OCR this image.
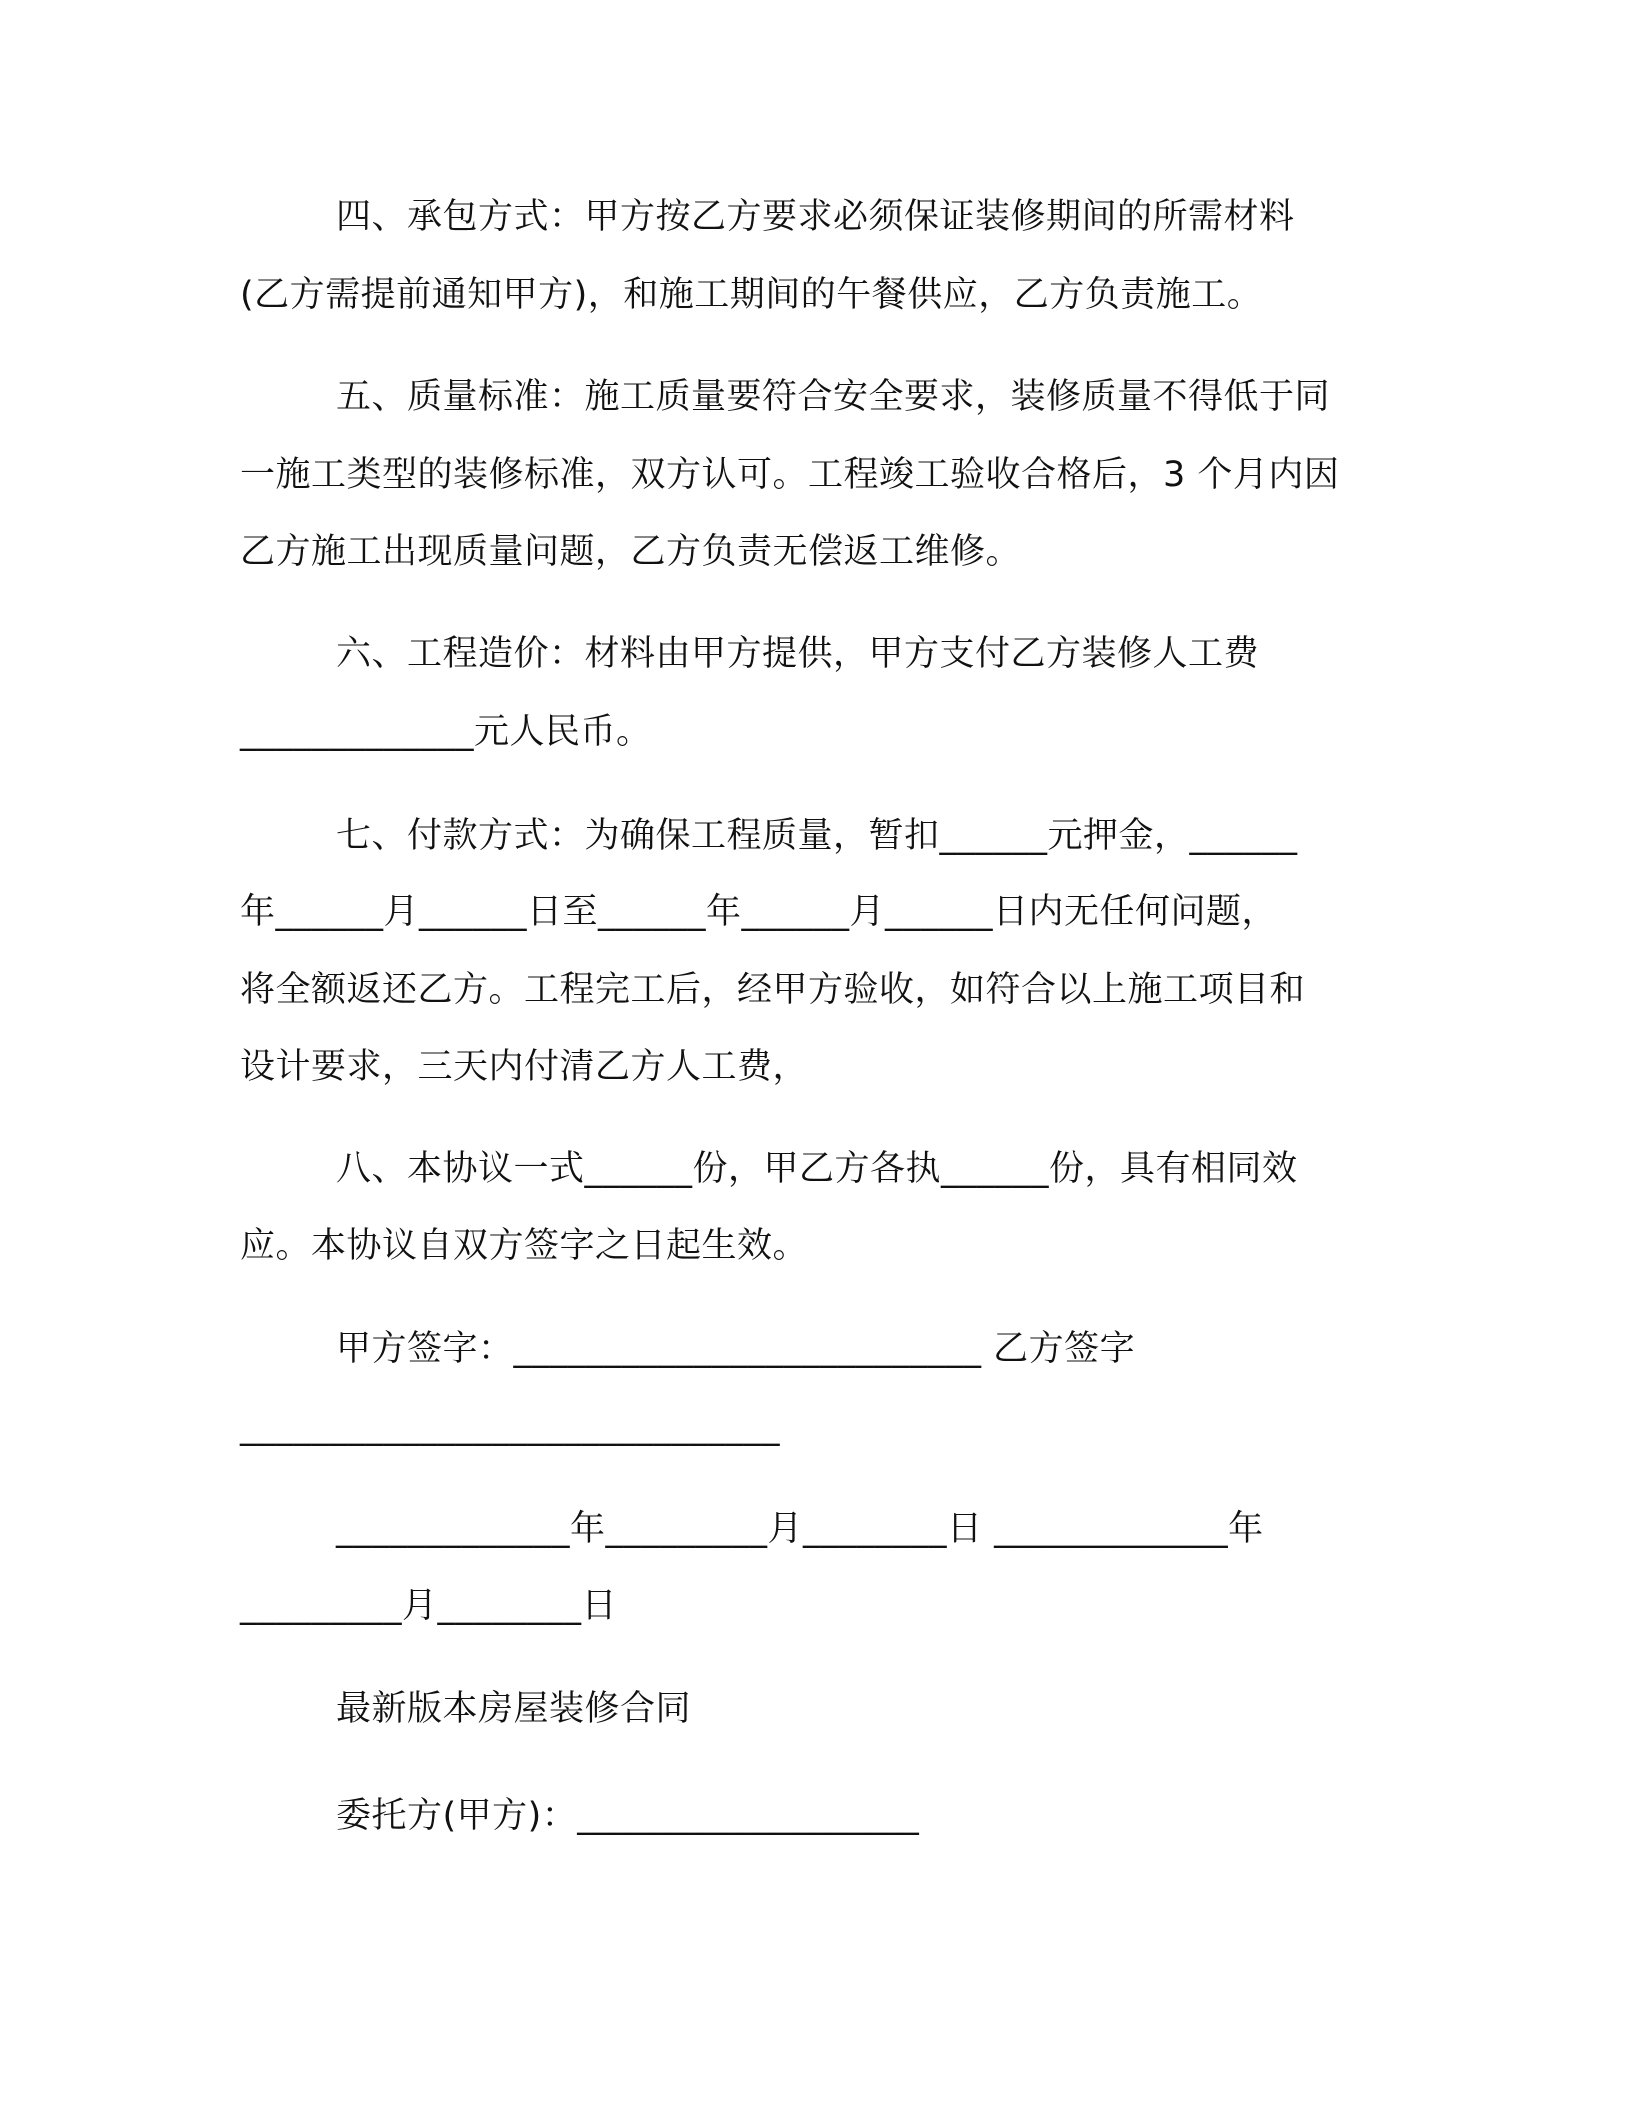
四、承包方式：甲方按乙方要求必须保证装修期间的所需材料
(乙方需提前通知甲方)，和施工期间的午餐供应，乙方负责施工。
五、质量标准：施工质量要符合安全要求，装修质量不得低于同
一施工类型的装修标准，双方认可。工程竣工验收合格后，3 个月内因
乙方施工出现质量问题，乙方负责无偿返工维修。
六、工程造价：材料由甲方提供，甲方支付乙方装修人工费
_____________元人民币。
七、付款方式：为确保工程质量，暂扣______元押金，______
年______月______日至______年______月______日内无任何问题，
将全额返还乙方。工程完工后，经甲方验收，如符合以上施工项目和
设计要求，三天内付清乙方人工费，
八、本协议一式______份，甲乙方各执______份，具有相同效
应。本协议自双方签字之日起生效。
甲方签字：__________________________ 乙方签字
______________________________
_____________年_________月________日 _____________年
_________月________日
最新版本房屋装修合同
委托方(甲方)：___________________
